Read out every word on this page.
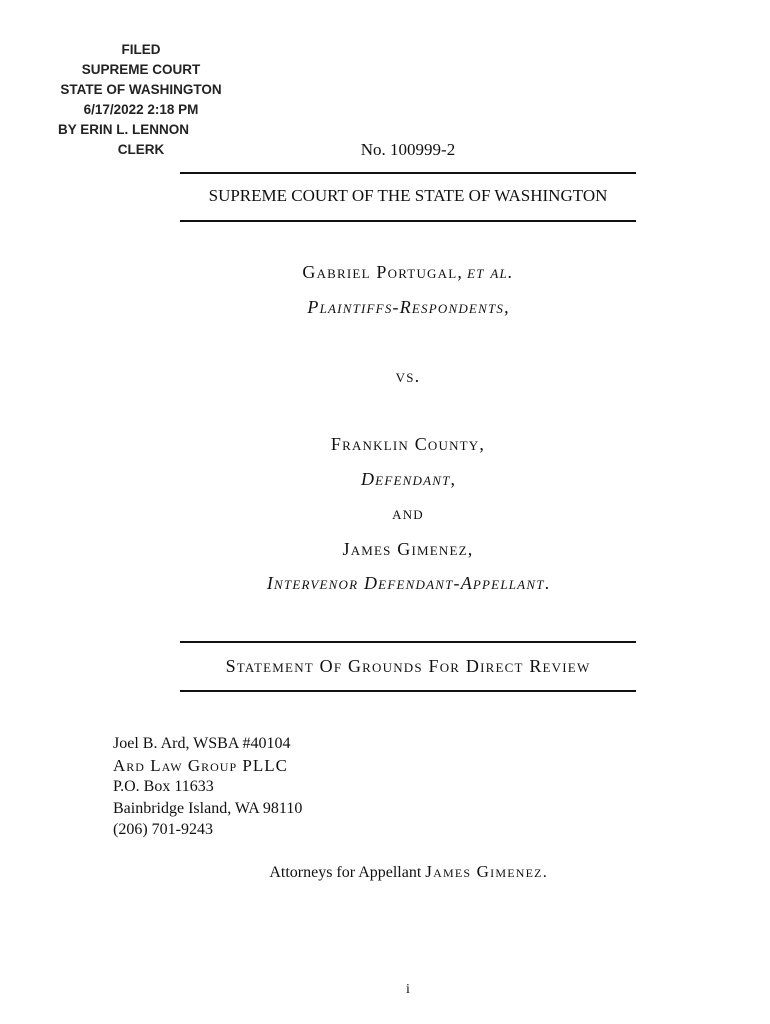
FILED
SUPREME COURT
STATE OF WASHINGTON
6/17/2022 2:18 PM
BY ERIN L. LENNON
CLERK	No. 100999-2
SUPREME COURT OF THE STATE OF WASHINGTON
Gabriel Portugal, et al.
Plaintiffs-Respondents,
vs.
Franklin County,
Defendant,
and
James Gimenez,
Intervenor Defendant-Appellant.
Statement Of Grounds For Direct Review
Joel B. Ard, WSBA #40104
Ard Law Group PLLC
P.O. Box 11633
Bainbridge Island, WA 98110
(206) 701-9243
Attorneys for Appellant James Gimenez.
i
